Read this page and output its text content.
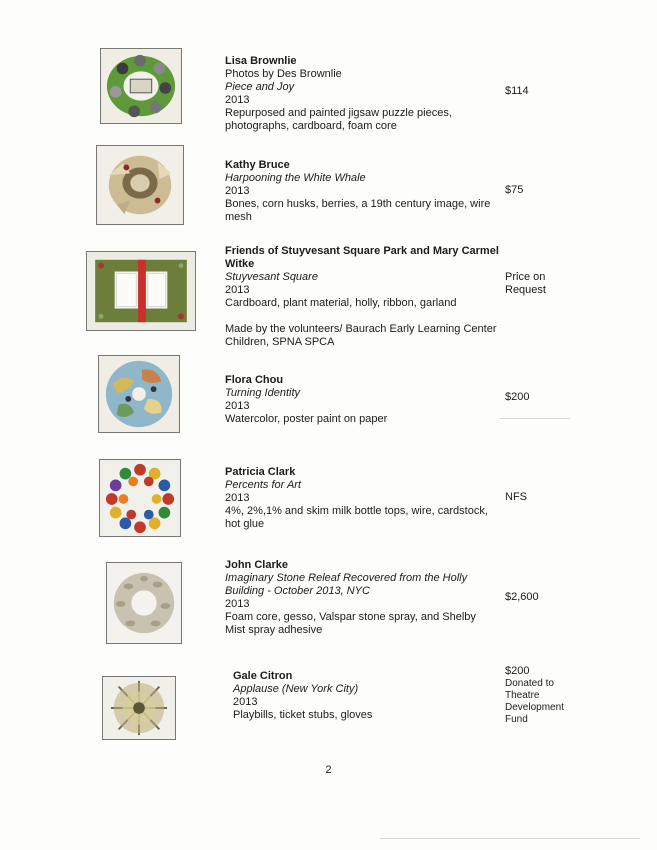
Lisa Brownlie
Photos by Des Brownlie
Piece and Joy
2013
Repurposed and painted jigsaw puzzle pieces, photographs, cardboard, foam core
$114
Kathy Bruce
Harpooning the White Whale
2013
Bones, corn husks, berries, a 19th century image, wire mesh
$75
Friends of Stuyvesant Square Park and Mary Carmel Witke
Stuyvesant Square
2013
Cardboard, plant material, holly, ribbon, garland
Made by the volunteers/ Baurach Early Learning Center Children, SPNA SPCA
Price on Request
Flora Chou
Turning Identity
2013
Watercolor, poster paint on paper
$200
Patricia Clark
Percents for Art
2013
4%, 2%,1% and skim milk bottle tops, wire, cardstock, hot glue
NFS
John Clarke
Imaginary Stone Releaf Recovered from the Holly Building - October 2013, NYC
2013
Foam core, gesso, Valspar stone spray, and Shelby Mist spray adhesive
$2,600
Gale Citron
Applause (New York City)
2013
Playbills, ticket stubs, gloves
$200
Donated to Theatre Development Fund
2
